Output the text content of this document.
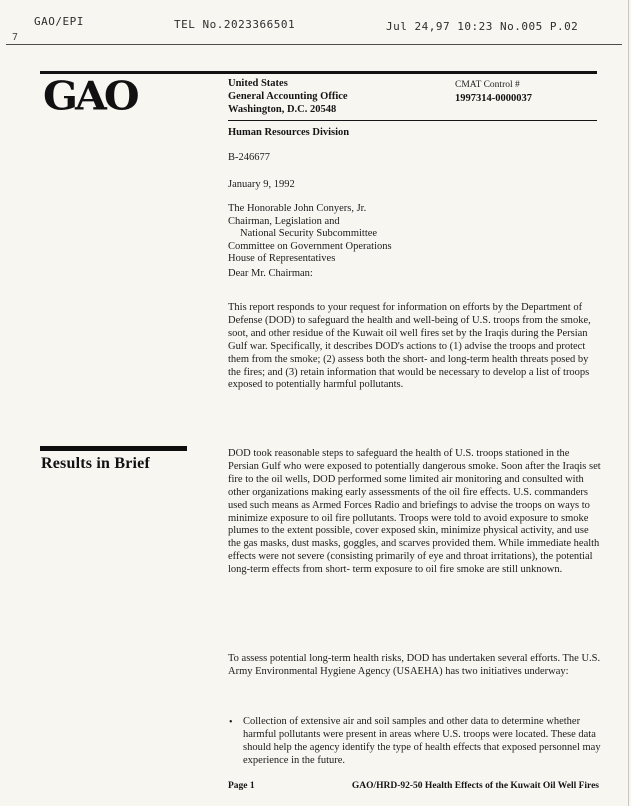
GAO/EPI	TEL No.2023366501	Jul 24,97 10:23 No.005 P.02
7
GAO	United States
General Accounting Office
Washington, D.C. 20548
CMAT Control #
1997314-0000037
Human Resources Division
B-246677
January 9, 1992
The Honorable John Conyers, Jr.
Chairman, Legislation and
National Security Subcommittee
Committee on Government Operations
House of Representatives
Dear Mr. Chairman:
This report responds to your request for information on efforts by the Department of Defense (DOD) to safeguard the health and well-being of U.S. troops from the smoke, soot, and other residue of the Kuwait oil well fires set by the Iraqis during the Persian Gulf war. Specifically, it describes DOD's actions to (1) advise the troops and protect them from the smoke; (2) assess both the short- and long-term health threats posed by the fires; and (3) retain information that would be necessary to develop a list of troops exposed to potentially harmful pollutants.
Results in Brief
DOD took reasonable steps to safeguard the health of U.S. troops stationed in the Persian Gulf who were exposed to potentially dangerous smoke. Soon after the Iraqis set fire to the oil wells, DOD performed some limited air monitoring and consulted with other organizations making early assessments of the oil fire effects. U.S. commanders used such means as Armed Forces Radio and briefings to advise the troops on ways to minimize exposure to oil fire pollutants. Troops were told to avoid exposure to smoke plumes to the extent possible, cover exposed skin, minimize physical activity, and use the gas masks, dust masks, goggles, and scarves provided them. While immediate health effects were not severe (consisting primarily of eye and throat irritations), the potential long-term effects from short- term exposure to oil fire smoke are still unknown.
To assess potential long-term health risks, DOD has undertaken several efforts. The U.S. Army Environmental Hygiene Agency (USAEHA) has two initiatives underway:
• Collection of extensive air and soil samples and other data to determine whether harmful pollutants were present in areas where U.S. troops were located. These data should help the agency identify the type of health effects that exposed personnel may experience in the future.
Page 1	GAO/HRD-92-50 Health Effects of the Kuwait Oil Well Fires
